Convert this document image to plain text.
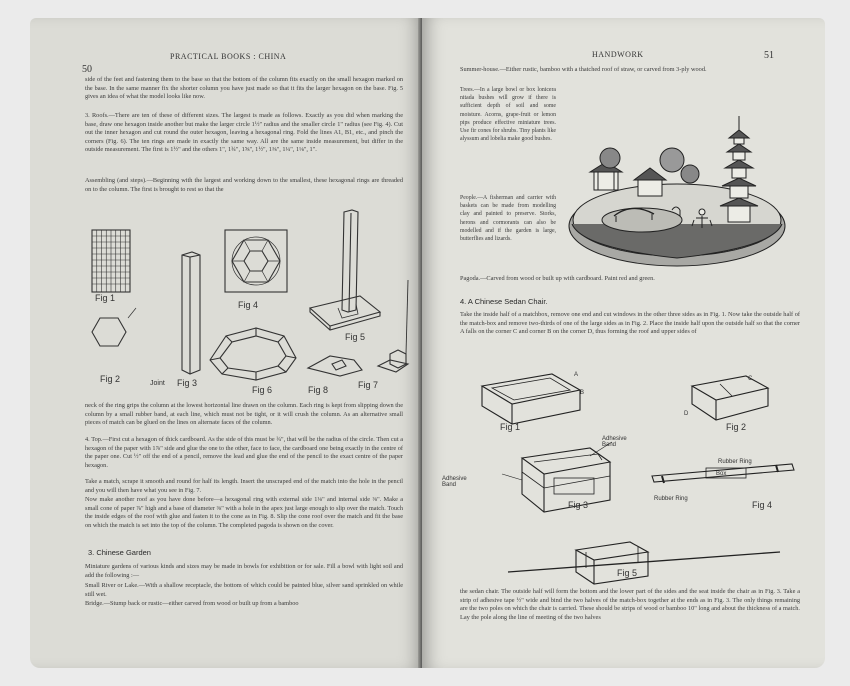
PRACTICAL BOOKS : CHINA
50

side of the feet and fastening them to the base so that the bottom of the column fits exactly on the small hexagon marked on the base. In the same manner fix the shorter column you have just made so that it fits the larger hexagon on the base. Fig. 5 gives an idea of what the model looks like now.

3. Roofs.—There are ten of these of different sizes. The largest is made as follows. Exactly as you did when marking the base, draw one hexagon inside another but make the larger circle 1½" radius and the smaller circle 1" radius (see Fig. 4). Cut out the inner hexagon and cut round the outer hexagon, leaving a hexagonal ring. Fold the lines A1, B1, etc., and pinch the corners (Fig. 6). The ten rings are made in exactly the same way. All are the same inside measurement, but differ in the outside measurement. The first is 1½" and the others 1", 1¾", 1⅝", 1½", 1⅜", 1¼", 1⅛", 1".

Assembling (and steps).—Beginning with the largest and working down to the smallest, these hexagonal rings are threaded on to the column. The first is brought to rest so that the

Fig 1
Fig 2	Joint Fig 3
Fig 4
Fig 5
Fig 6	Fig 8	Fig 7

neck of the ring grips the column at the lowest horizontal line drawn on the column. Each ring is kept from slipping down the column by a small rubber band, at each line, which must not be tight, or it will crush the column. As an alternative small pieces of match can be glued on the lines on alternate faces of the column.

4. Top.—First cut a hexagon of thick cardboard. As the side of this must be ¾", that will be the radius of the circle. Then cut a hexagon of the paper with 1⅞" side and glue the one to the other, face to face, the cardboard one being exactly in the centre of the paper one. Cut ½" off the end of a pencil, remove the lead and glue the end of the pencil to the exact centre of the paper hexagon.

Take a match, scrape it smooth and round for half its length. Insert the unscraped end of the match into the hole in the pencil and you will then have what you see in Fig. 7.

Now make another roof as you have done before—a hexagonal ring with external side 1⅛" and internal side ⅜". Make a small cone of paper ⅞" high and a base of diameter ⅜" with a hole in the apex just large enough to slip over the match. Touch the inside edges of the roof with glue and fasten it to the cone as in Fig. 8. Slip the cone roof over the match and fit the base on which the match is set into the top of the column. The completed pagoda is shown on the cover.

3. Chinese Garden

Miniature gardens of various kinds and sizes may be made in bowls for exhibition or for sale. Fill a bowl with light soil and add the following :—

Small River or Lake.—With a shallow receptacle, the bottom of which could be painted blue, silver sand sprinkled on while still wet.

Bridge.—Stump back or rustic—either carved from wood or built up from a bamboo

HANDWORK	51

Summer-house.—Either rustic, bamboo with a thatched roof of straw, or carved from 3-ply wood.

Trees.—In a large bowl or box lonicera nitada bushes will grow if there is sufficient depth of soil and some moisture. Acorns, grape-fruit or lemon pips produce effective miniature trees. Use fir cones for shrubs. Tiny plants like alyssum and lobelia make good bushes.

People.—A fisherman and carrier with baskets can be made from modelling clay and painted to preserve. Storks, herons and cormorants can also be modelled and if the garden is large, butterflies and lizards.

Pagoda.—Carved from wood or built up with cardboard. Paint red and green.

4. A Chinese Sedan Chair.

Take the inside half of a matchbox, remove one end and cut windows in the other three sides as in Fig. 1. Now take the outside half of the match-box and remove two-thirds of one of the large sides as in Fig. 2. Place the inside half upon the outside half so that the corner A falls on the corner C and corner B on the corner D, thus forming the roof and upper sides of

Fig 1	Fig 2
Fig 3	Fig 4
Fig 5
A
B
D
C
Adhesive Band
Adhesive Band
Rubber Ring
Rubber Ring
Box

the sedan chair. The outside half will form the bottom and the lower part of the sides and the seat inside the chair as in Fig. 3. Take a strip of adhesive tape ½" wide and bind the two halves of the match-box together at the ends as in Fig. 3. The only things remaining are the two poles on which the chair is carried. These should be strips of wood or bamboo 10" long and about the thickness of a match. Lay the pole along the line of meeting of the two halves
